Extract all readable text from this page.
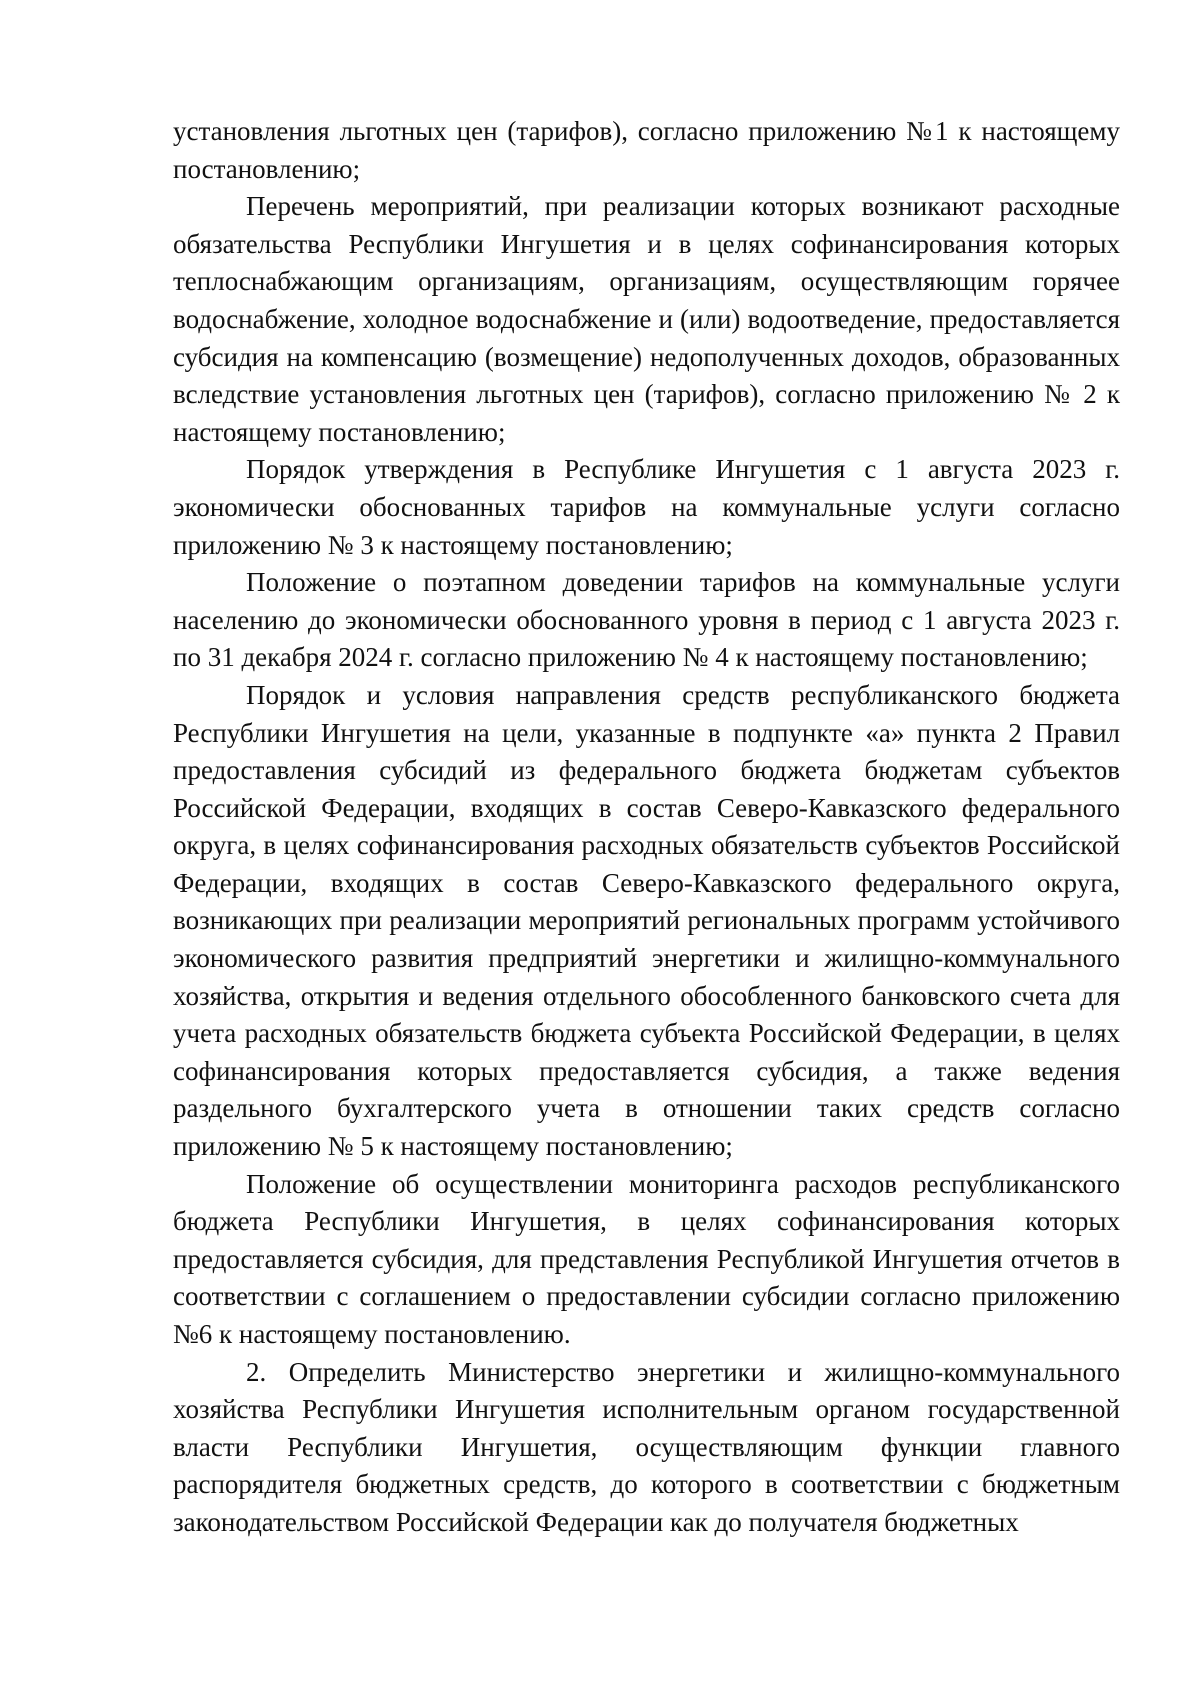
установления льготных цен (тарифов), согласно приложению №1 к настоящему постановлению;

Перечень мероприятий, при реализации которых возникают расходные обязательства Республики Ингушетия и в целях софинансирования которых теплоснабжающим организациям, организациям, осуществляющим горячее водоснабжение, холодное водоснабжение и (или) водоотведение, предоставляется субсидия на компенсацию (возмещение) недополученных доходов, образованных вследствие установления льготных цен (тарифов), согласно приложению № 2 к настоящему постановлению;

Порядок утверждения в Республике Ингушетия с 1 августа 2023 г. экономически обоснованных тарифов на коммунальные услуги согласно приложению № 3 к настоящему постановлению;

Положение о поэтапном доведении тарифов на коммунальные услуги населению до экономически обоснованного уровня в период с 1 августа 2023 г. по 31 декабря 2024 г. согласно приложению № 4 к настоящему постановлению;

Порядок и условия направления средств республиканского бюджета Республики Ингушетия на цели, указанные в подпункте «а» пункта 2 Правил предоставления субсидий из федерального бюджета бюджетам субъектов Российской Федерации, входящих в состав Северо-Кавказского федерального округа, в целях софинансирования расходных обязательств субъектов Российской Федерации, входящих в состав Северо-Кавказского федерального округа, возникающих при реализации мероприятий региональных программ устойчивого экономического развития предприятий энергетики и жилищно-коммунального хозяйства, открытия и ведения отдельного обособленного банковского счета для учета расходных обязательств бюджета субъекта Российской Федерации, в целях софинансирования которых предоставляется субсидия, а также ведения раздельного бухгалтерского учета в отношении таких средств согласно приложению № 5 к настоящему постановлению;

Положение об осуществлении мониторинга расходов республиканского бюджета Республики Ингушетия, в целях софинансирования которых предоставляется субсидия, для представления Республикой Ингушетия отчетов в соответствии с соглашением о предоставлении субсидии согласно приложению №6 к настоящему постановлению.

2. Определить Министерство энергетики и жилищно-коммунального хозяйства Республики Ингушетия исполнительным органом государственной власти Республики Ингушетия, осуществляющим функции главного распорядителя бюджетных средств, до которого в соответствии с бюджетным законодательством Российской Федерации как до получателя бюджетных
